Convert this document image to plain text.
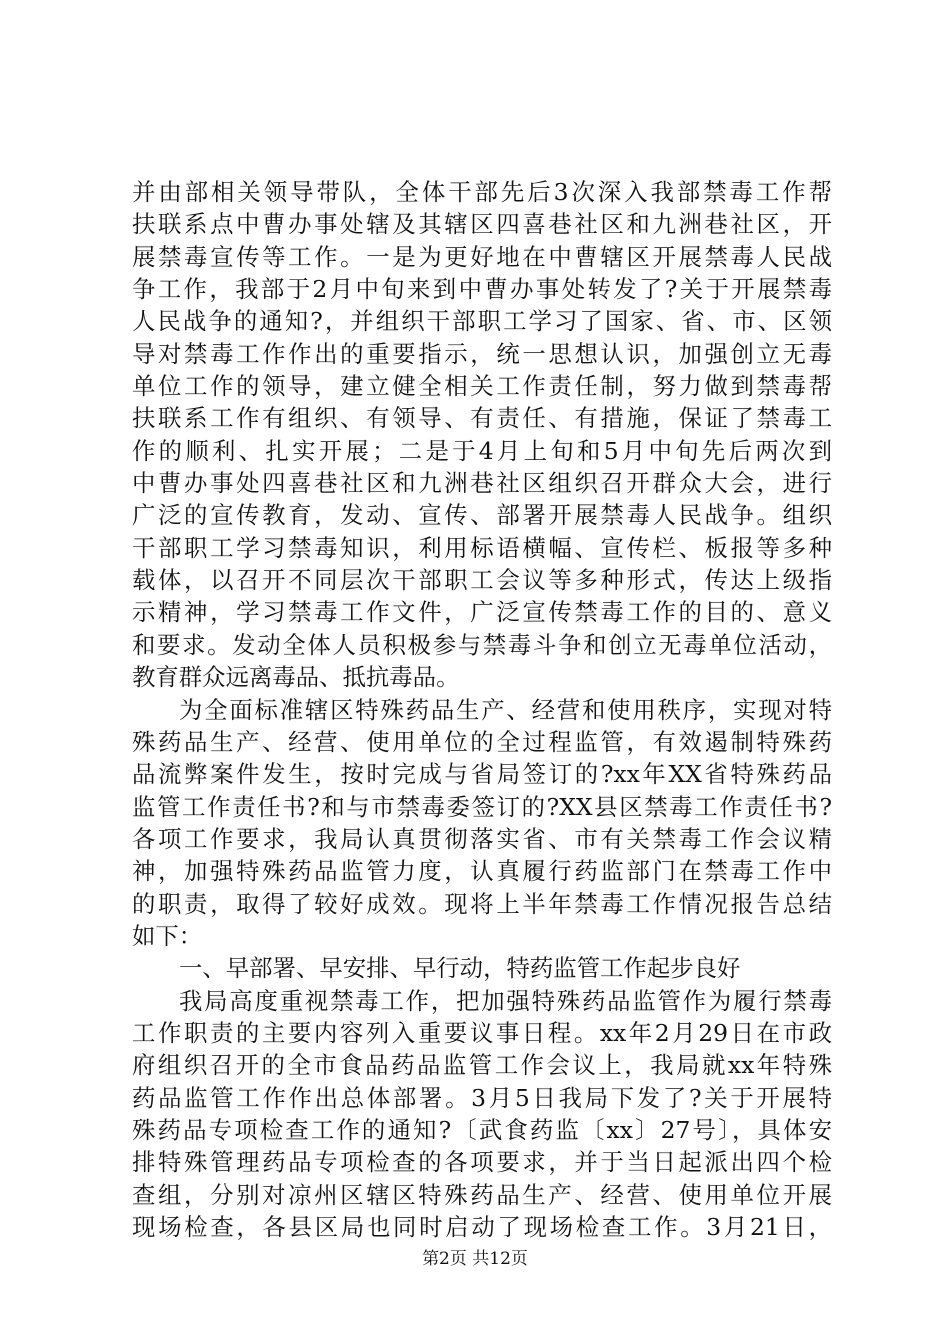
并由部相关领导带队，全体干部先后3次深入我部禁毒工作帮
扶联系点中曹办事处辖及其辖区四喜巷社区和九洲巷社区，开
展禁毒宣传等工作。一是为更好地在中曹辖区开展禁毒人民战
争工作，我部于2月中旬来到中曹办事处转发了?关于开展禁毒
人民战争的通知?，并组织干部职工学习了国家、省、市、区领
导对禁毒工作作出的重要指示，统一思想认识，加强创立无毒
单位工作的领导，建立健全相关工作责任制，努力做到禁毒帮
扶联系工作有组织、有领导、有责任、有措施，保证了禁毒工
作的顺利、扎实开展；二是于4月上旬和5月中旬先后两次到
中曹办事处四喜巷社区和九洲巷社区组织召开群众大会，进行
广泛的宣传教育，发动、宣传、部署开展禁毒人民战争。组织
干部职工学习禁毒知识，利用标语横幅、宣传栏、板报等多种
载体，以召开不同层次干部职工会议等多种形式，传达上级指
示精神，学习禁毒工作文件，广泛宣传禁毒工作的目的、意义
和要求。发动全体人员积极参与禁毒斗争和创立无毒单位活动，
教育群众远离毒品、抵抗毒品。
为全面标准辖区特殊药品生产、经营和使用秩序，实现对特
殊药品生产、经营、使用单位的全过程监管，有效遏制特殊药
品流弊案件发生，按时完成与省局签订的?xx年XX省特殊药品
监管工作责任书?和与市禁毒委签订的?XX县区禁毒工作责任书?
各项工作要求，我局认真贯彻落实省、市有关禁毒工作会议精
神，加强特殊药品监管力度，认真履行药监部门在禁毒工作中
的职责，取得了较好成效。现将上半年禁毒工作情况报告总结
如下：
一、早部署、早安排、早行动，特药监管工作起步良好
我局高度重视禁毒工作，把加强特殊药品监管作为履行禁毒
工作职责的主要内容列入重要议事日程。xx年2月29日在市政
府组织召开的全市食品药品监管工作会议上，我局就xx年特殊
药品监管工作作出总体部署。3月5日我局下发了?关于开展特
殊药品专项检查工作的通知?〔武食药监〔xx〕27号〕，具体安
排特殊管理药品专项检查的各项要求，并于当日起派出四个检
查组，分别对凉州区辖区特殊药品生产、经营、使用单位开展
现场检查，各县区局也同时启动了现场检查工作。3月21日，
第2页 共12页
